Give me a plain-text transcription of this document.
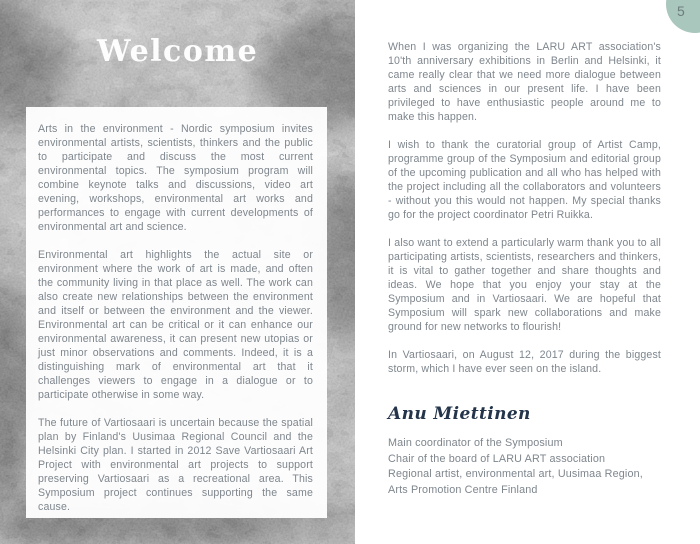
Welcome

Arts in the environment - Nordic symposium invites environmental artists, scientists, thinkers and the public to participate and discuss the most current environmental topics. The symposium program will combine keynote talks and discussions, video art evening, workshops, environmental art works and performances to engage with current developments of environmental art and science.

Environmental art highlights the actual site or environment where the work of art is made, and often the community living in that place as well. The work can also create new relationships between the environment and itself or between the environment and the viewer. Environmental art can be critical or it can enhance our environmental awareness, it can present new utopias or just minor observations and comments. Indeed, it is a distinguishing mark of environmental art that it challenges viewers to engage in a dialogue or to participate otherwise in some way.

The future of Vartiosaari is uncertain because the spatial plan by Finland's Uusimaa Regional Council and the Helsinki City plan. I started in 2012 Save Vartiosaari Art Project with environmental art projects to support preserving Vartiosaari as a recreational area. This Symposium project continues supporting the same cause.

5

When I was organizing the LARU ART association's 10'th anniversary exhibitions in Berlin and Helsinki, it came really clear that we need more dialogue between arts and sciences in our present life. I have been privileged to have enthusiastic people around me to make this happen.

I wish to thank the curatorial group of Artist Camp, programme group of the Symposium and editorial group of the upcoming publication and all who has helped with the project including all the collaborators and volunteers - without you this would not happen. My special thanks go for the project coordinator Petri Ruikka.

I also want to extend a particularly warm thank you to all participating artists, scientists, researchers and thinkers, it is vital to gather together and share thoughts and ideas. We hope that you enjoy your stay at the Symposium and in Vartiosaari. We are hopeful that Symposium will spark new collaborations and make ground for new networks to flourish!

In Vartiosaari, on August 12, 2017 during the biggest storm, which I have ever seen on the island.

Anu Miettinen
Main coordinator of the Symposium
Chair of the board of LARU ART association
Regional artist, environmental art, Uusimaa Region,
Arts Promotion Centre Finland
